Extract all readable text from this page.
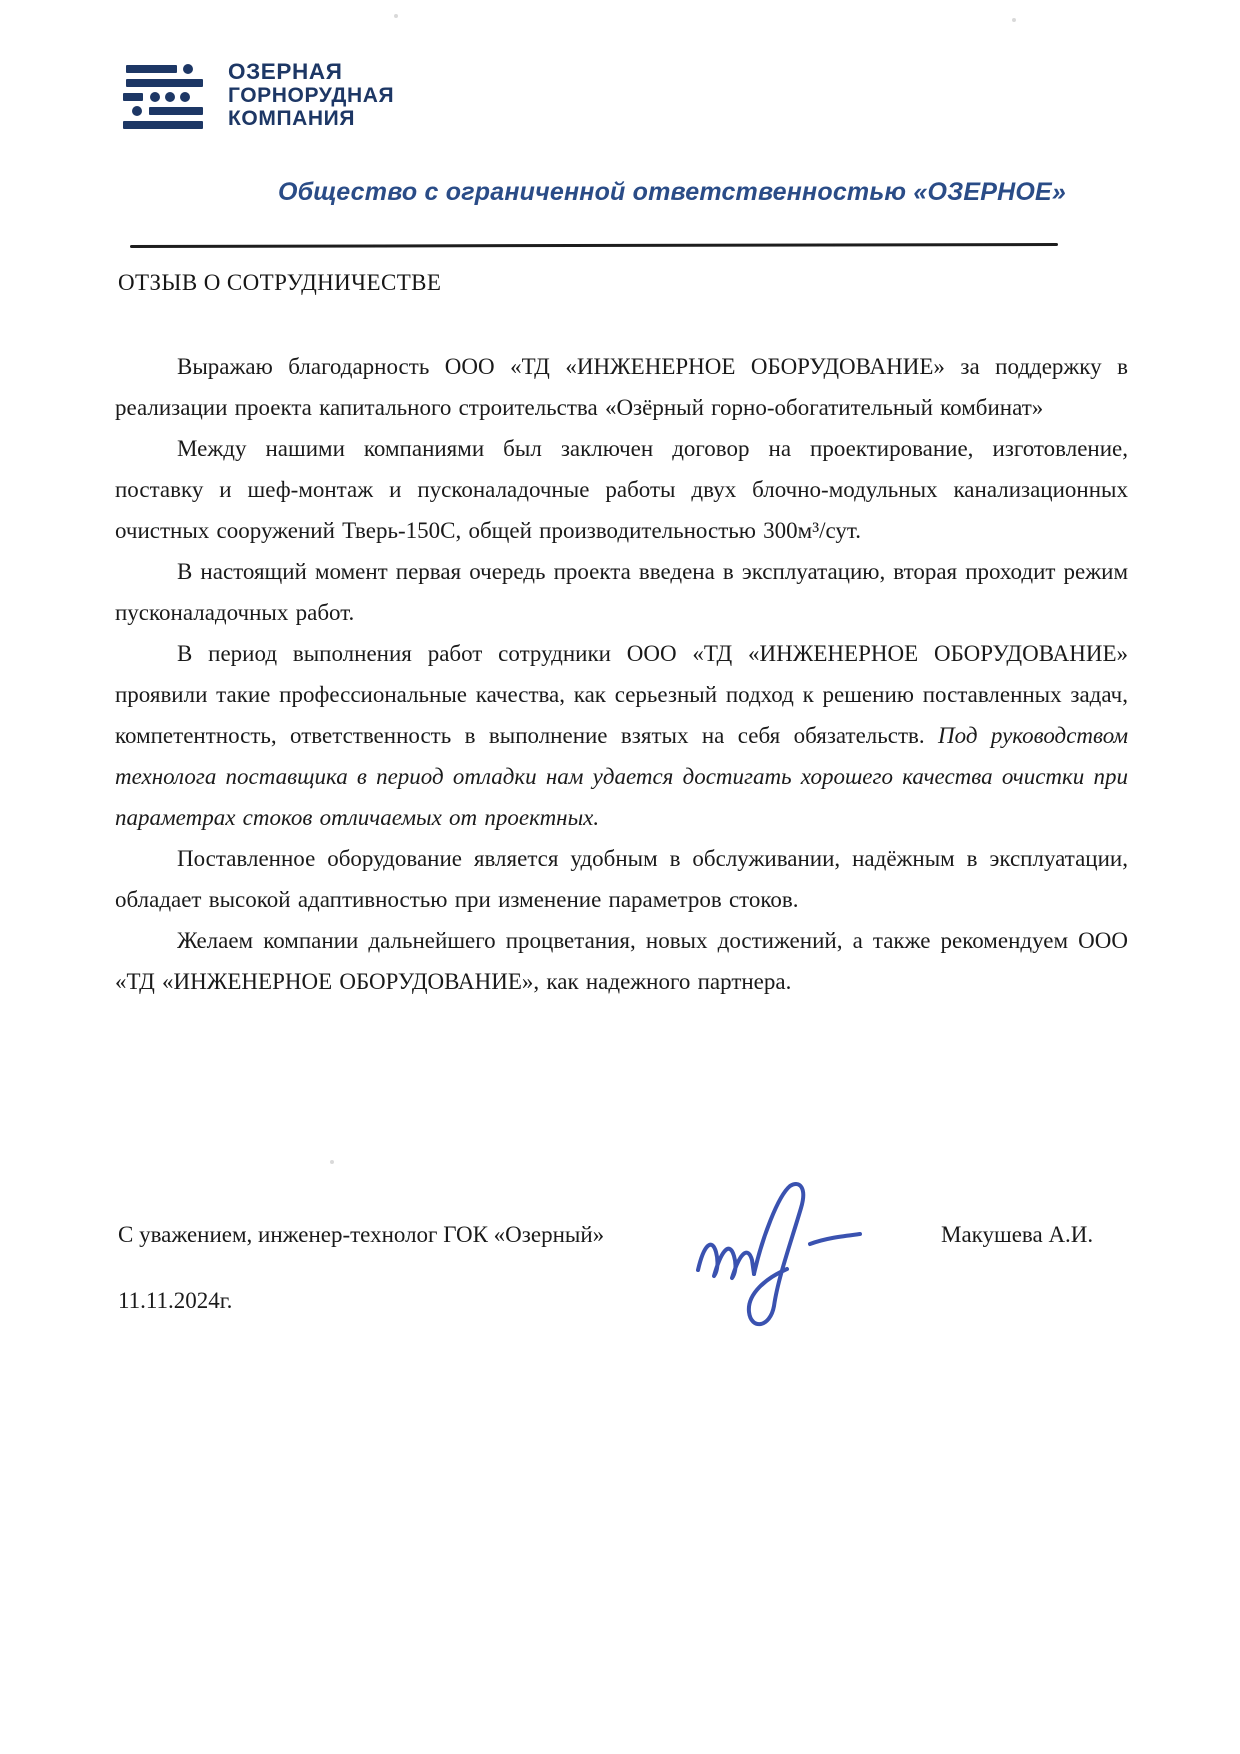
ОЗЕРНАЯ
ГОРНОРУДНАЯ
КОМПАНИЯ
Общество с ограниченной ответственностью «ОЗЕРНОЕ»
ОТЗЫВ О СОТРУДНИЧЕСТВЕ

Выражаю благодарность ООО «ТД «ИНЖЕНЕРНОЕ ОБОРУДОВАНИЕ» за поддержку в реализации проекта капитального строительства «Озёрный горно-обогатительный комбинат»

Между нашими компаниями был заключен договор на проектирование, изготовление, поставку и шеф-монтаж и пусконаладочные работы двух блочно-модульных канализационных очистных сооружений Тверь-150С, общей производительностью 300м³/сут.

В настоящий момент первая очередь проекта введена в эксплуатацию, вторая проходит режим пусконаладочных работ.

В период выполнения работ сотрудники ООО «ТД «ИНЖЕНЕРНОЕ ОБОРУДОВАНИЕ» проявили такие профессиональные качества, как серьезный подход к решению поставленных задач, компетентность, ответственность в выполнение взятых на себя обязательств. Под руководством технолога поставщика в период отладки нам удается достигать хорошего качества очистки при параметрах стоков отличаемых от проектных.

Поставленное оборудование является удобным в обслуживании, надёжным в эксплуатации, обладает высокой адаптивностью при изменение параметров стоков.

Желаем компании дальнейшего процветания, новых достижений, а также рекомендуем ООО «ТД «ИНЖЕНЕРНОЕ ОБОРУДОВАНИЕ», как надежного партнера.

С уважением, инженер-технолог ГОК «Озерный»	Макушева А.И.
11.11.2024г.
